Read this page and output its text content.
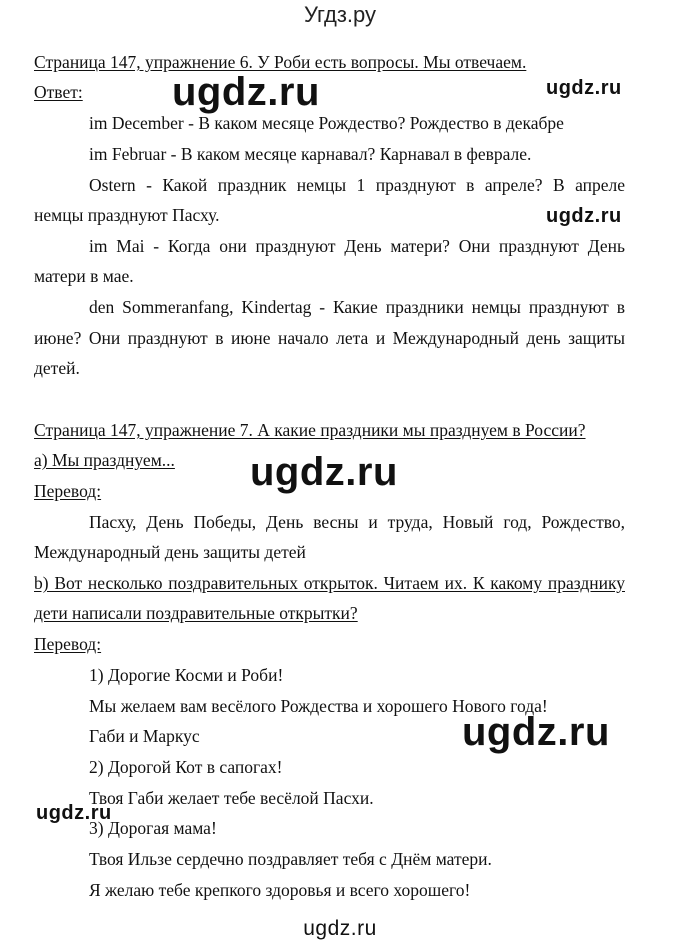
Угдз.ру
Страница 147, упражнение 6. У Роби есть вопросы. Мы отвечаем.
Ответ:
im December - В каком месяце Рождество? Рождество в декабре
im Februar - В каком месяце карнавал? Карнавал в феврале.
Ostern - Какой праздник немцы 1 празднуют в апреле? В апреле
немцы празднуют Пасху.
im Mai - Когда они празднуют День матери? Они празднуют День
матери в мае.
den Sommeranfang, Kindertag - Какие праздники немцы празднуют в
июне? Они празднуют в июне начало лета и Международный день защиты
детей.
Страница 147, упражнение 7. А какие праздники мы празднуем в России?
а) Мы празднуем...
Перевод:
Пасху, День Победы, День весны и труда, Новый год, Рождество,
Международный день защиты детей
b) Вот несколько поздравительных открыток. Читаем их. К какому празднику
дети написали поздравительные открытки?
Перевод:
1) Дорогие Косми и Роби!
Мы желаем вам весёлого Рождества и хорошего Нового года!
Габи и Маркус
2) Дорогой Кот в сапогах!
Твоя Габи желает тебе весёлой Пасхи.
3) Дорогая мама!
Твоя Ильзе сердечно поздравляет тебя с Днём матери.
Я желаю тебе крепкого здоровья и всего хорошего!
ugdz.ru	ugdz.ru
ugdz.ru
ugdz.ru
ugdz.ru
ugdz.ru
ugdz.ru
